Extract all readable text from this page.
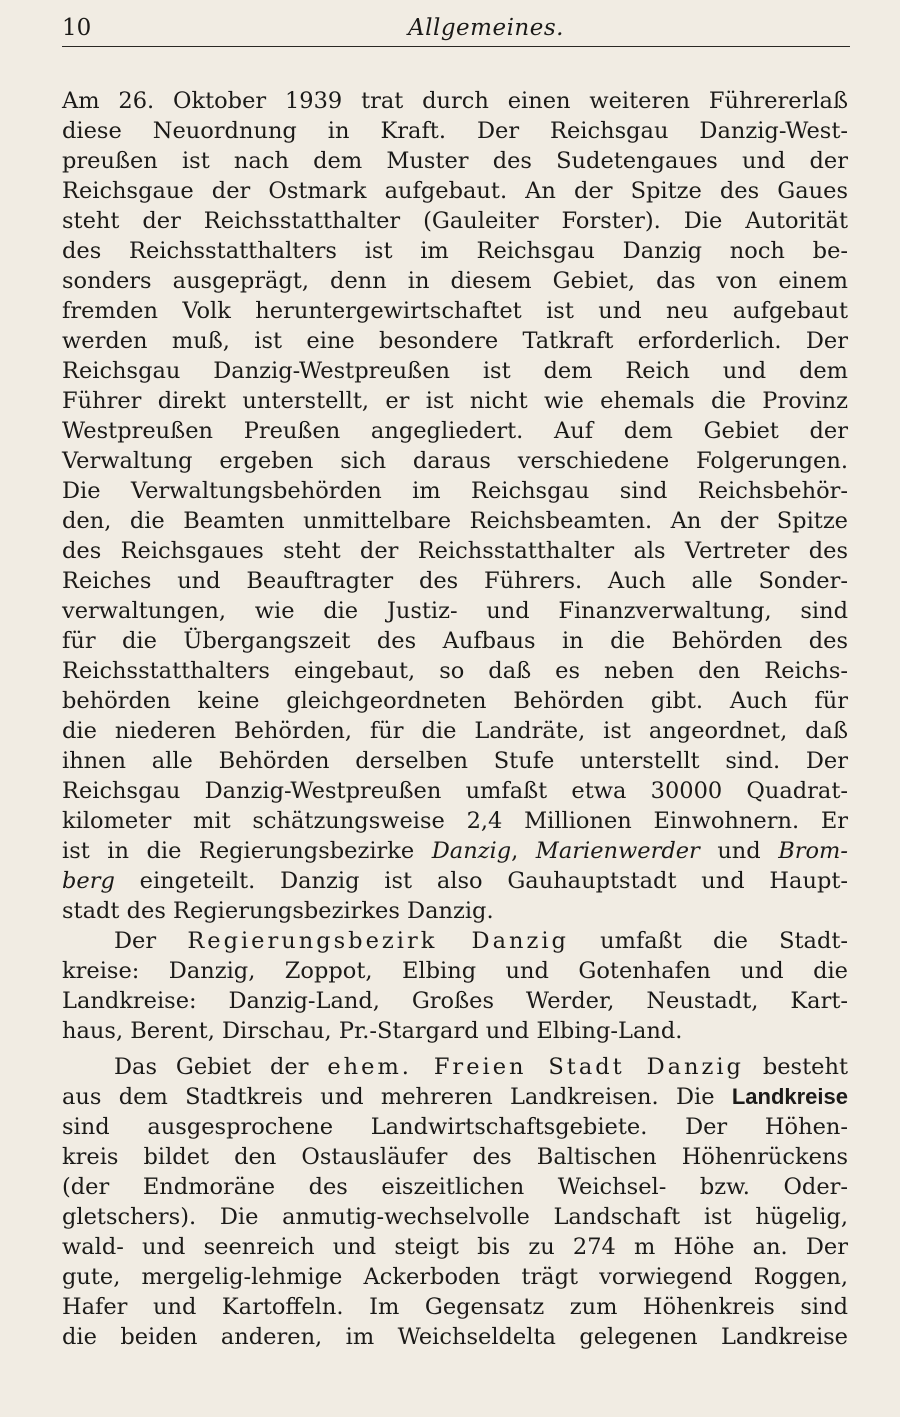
10	Allgemeines.
Am 26. Oktober 1939 trat durch einen weiteren Führererlaß
diese Neuordnung in Kraft. Der Reichsgau Danzig-West-
preußen ist nach dem Muster des Sudetengaues und der
Reichsgaue der Ostmark aufgebaut. An der Spitze des Gaues
steht der Reichsstatthalter (Gauleiter Forster). Die Autorität
des Reichsstatthalters ist im Reichsgau Danzig noch be-
sonders ausgeprägt, denn in diesem Gebiet, das von einem
fremden Volk heruntergewirtschaftet ist und neu aufgebaut
werden muß, ist eine besondere Tatkraft erforderlich. Der
Reichsgau Danzig-Westpreußen ist dem Reich und dem
Führer direkt unterstellt, er ist nicht wie ehemals die Provinz
Westpreußen Preußen angegliedert. Auf dem Gebiet der
Verwaltung ergeben sich daraus verschiedene Folgerungen.
Die Verwaltungsbehörden im Reichsgau sind Reichsbehör-
den, die Beamten unmittelbare Reichsbeamten. An der Spitze
des Reichsgaues steht der Reichsstatthalter als Vertreter des
Reiches und Beauftragter des Führers. Auch alle Sonder-
verwaltungen, wie die Justiz- und Finanzverwaltung, sind
für die Übergangszeit des Aufbaus in die Behörden des
Reichsstatthalters eingebaut, so daß es neben den Reichs-
behörden keine gleichgeordneten Behörden gibt. Auch für
die niederen Behörden, für die Landräte, ist angeordnet, daß
ihnen alle Behörden derselben Stufe unterstellt sind. Der
Reichsgau Danzig-Westpreußen umfaßt etwa 30000 Quadrat-
kilometer mit schätzungsweise 2,4 Millionen Einwohnern. Er
ist in die Regierungsbezirke Danzig, Marienwerder und Brom-
berg eingeteilt. Danzig ist also Gauhauptstadt und Haupt-
stadt des Regierungsbezirkes Danzig.
Der Regierungsbezirk Danzig umfaßt die Stadt-
kreise: Danzig, Zoppot, Elbing und Gotenhafen und die
Landkreise: Danzig-Land, Großes Werder, Neustadt, Kart-
haus, Berent, Dirschau, Pr.-Stargard und Elbing-Land.
Das Gebiet der ehem. Freien Stadt Danzig besteht
aus dem Stadtkreis und mehreren Landkreisen. Die Landkreise
sind ausgesprochene Landwirtschaftsgebiete. Der Höhen-
kreis bildet den Ostausläufer des Baltischen Höhenrückens
(der Endmoräne des eiszeitlichen Weichsel- bzw. Oder-
gletschers). Die anmutig-wechselvolle Landschaft ist hügelig,
wald- und seenreich und steigt bis zu 274 m Höhe an. Der
gute, mergelig-lehmige Ackerboden trägt vorwiegend Roggen,
Hafer und Kartoffeln. Im Gegensatz zum Höhenkreis sind
die beiden anderen, im Weichseldelta gelegenen Landkreise
